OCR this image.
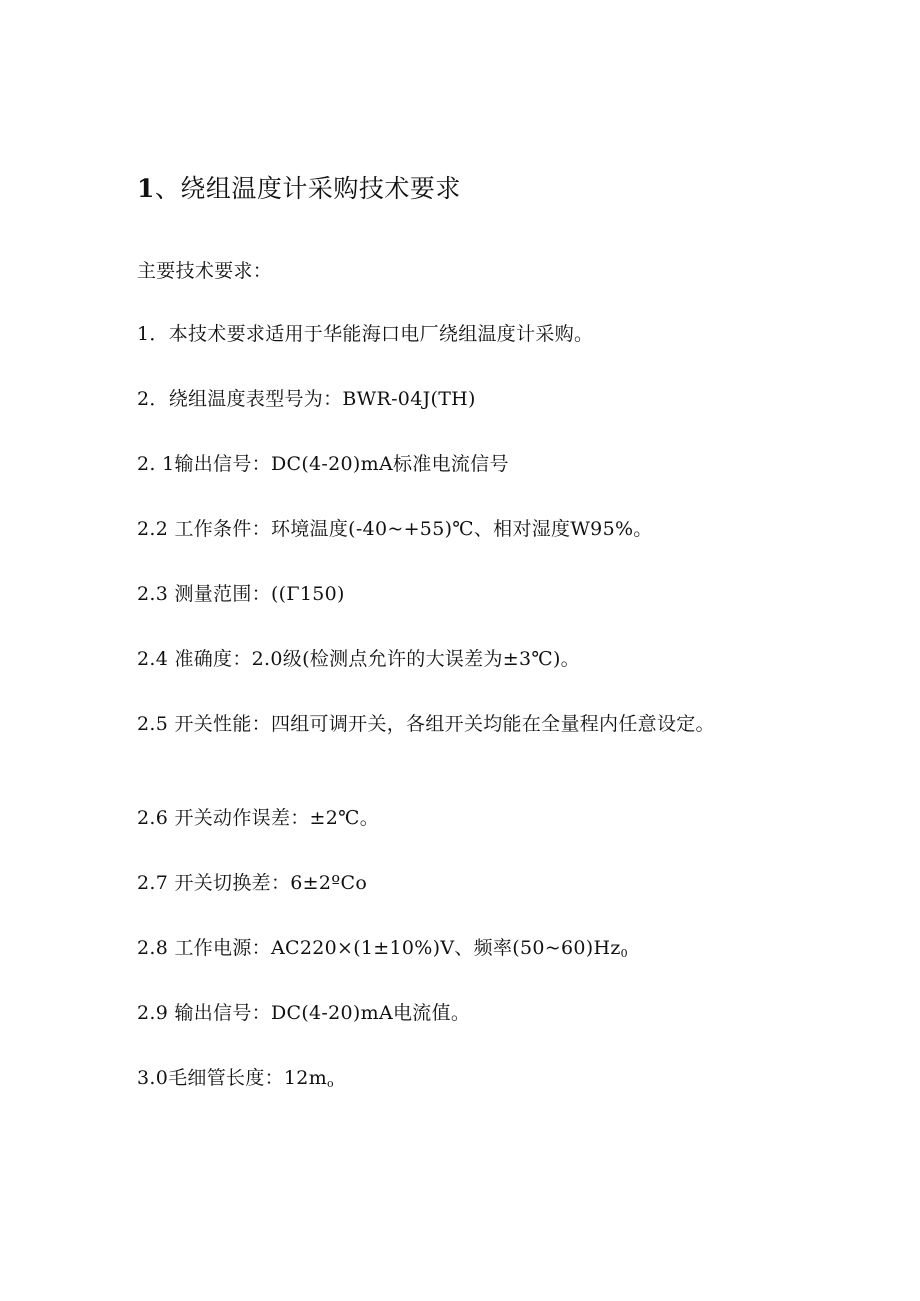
1、绕组温度计采购技术要求
主要技术要求：
1．本技术要求适用于华能海口电厂绕组温度计采购。
2．绕组温度表型号为：BWR-04J(TH)
2. 1输出信号：DC(4-20)mA标准电流信号
2.2 工作条件：环境温度(-40~+55)℃、相对湿度W95%。
2.3 测量范围：((Γ150)
2.4 准确度：2.0级(检测点允许的大误差为±3℃)。
2.5 开关性能：四组可调开关，各组开关均能在全量程内任意设定。
2.6 开关动作误差：±2℃。
2.7 开关切换差：6±2ºCo
2.8 工作电源：AC220×(1±10%)V、频率$(50\sim 60)Hz_0$
2.9 输出信号：DC(4-20)mA电流值。
3.0毛细管长度：$12m_o$
